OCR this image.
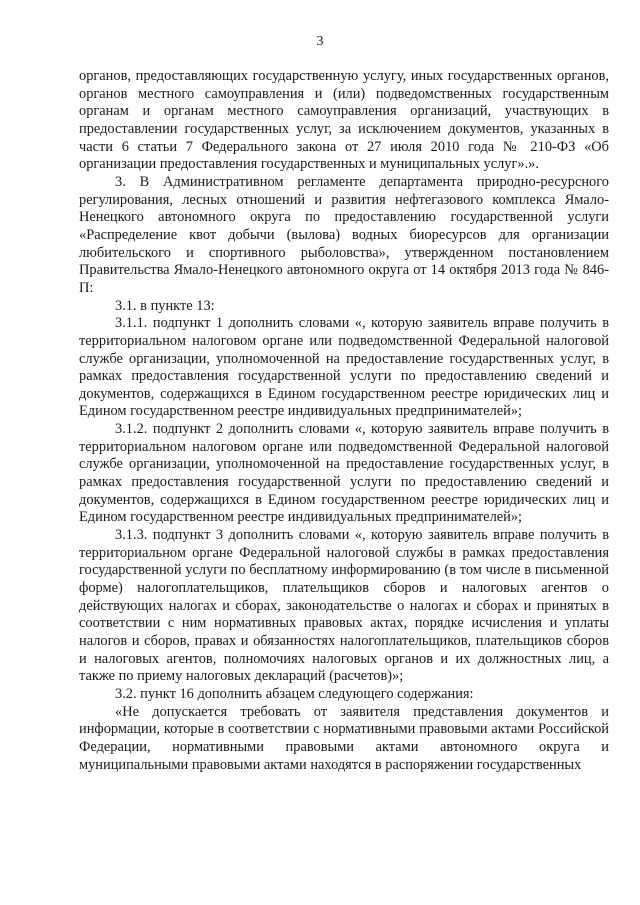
3

органов, предоставляющих государственную услугу, иных государственных органов, органов местного самоуправления и (или) подведомственных государственным органам и органам местного самоуправления организаций, участвующих в предоставлении государственных услуг, за исключением документов, указанных в части 6 статьи 7 Федерального закона от 27 июля 2010 года № 210-ФЗ «Об организации предоставления государственных и муниципальных услуг».».

3. В Административном регламенте департамента природно-ресурсного регулирования, лесных отношений и развития нефтегазового комплекса Ямало-Ненецкого автономного округа по предоставлению государственной услуги «Распределение квот добычи (вылова) водных биоресурсов для организации любительского и спортивного рыболовства», утвержденном постановлением Правительства Ямало-Ненецкого автономного округа от 14 октября 2013 года № 846-П:

3.1. в пункте 13:

3.1.1. подпункт 1 дополнить словами «, которую заявитель вправе получить в территориальном налоговом органе или подведомственной Федеральной налоговой службе организации, уполномоченной на предоставление государственных услуг, в рамках предоставления государственной услуги по предоставлению сведений и документов, содержащихся в Едином государственном реестре юридических лиц и Едином государственном реестре индивидуальных предпринимателей»;

3.1.2. подпункт 2 дополнить словами «, которую заявитель вправе получить в территориальном налоговом органе или подведомственной Федеральной налоговой службе организации, уполномоченной на предоставление государственных услуг, в рамках предоставления государственной услуги по предоставлению сведений и документов, содержащихся в Едином государственном реестре юридических лиц и Едином государственном реестре индивидуальных предпринимателей»;

3.1.3. подпункт 3 дополнить словами «, которую заявитель вправе получить в территориальном органе Федеральной налоговой службы в рамках предоставления государственной услуги по бесплатному информированию (в том числе в письменной форме) налогоплательщиков, плательщиков сборов и налоговых агентов о действующих налогах и сборах, законодательстве о налогах и сборах и принятых в соответствии с ним нормативных правовых актах, порядке исчисления и уплаты налогов и сборов, правах и обязанностях налогоплательщиков, плательщиков сборов и налоговых агентов, полномочиях налоговых органов и их должностных лиц, а также по приему налоговых деклараций (расчетов)»;

3.2. пункт 16 дополнить абзацем следующего содержания:

«Не допускается требовать от заявителя представления документов и информации, которые в соответствии с нормативными правовыми актами Российской Федерации, нормативными правовыми актами автономного округа и муниципальными правовыми актами находятся в распоряжении государственных
